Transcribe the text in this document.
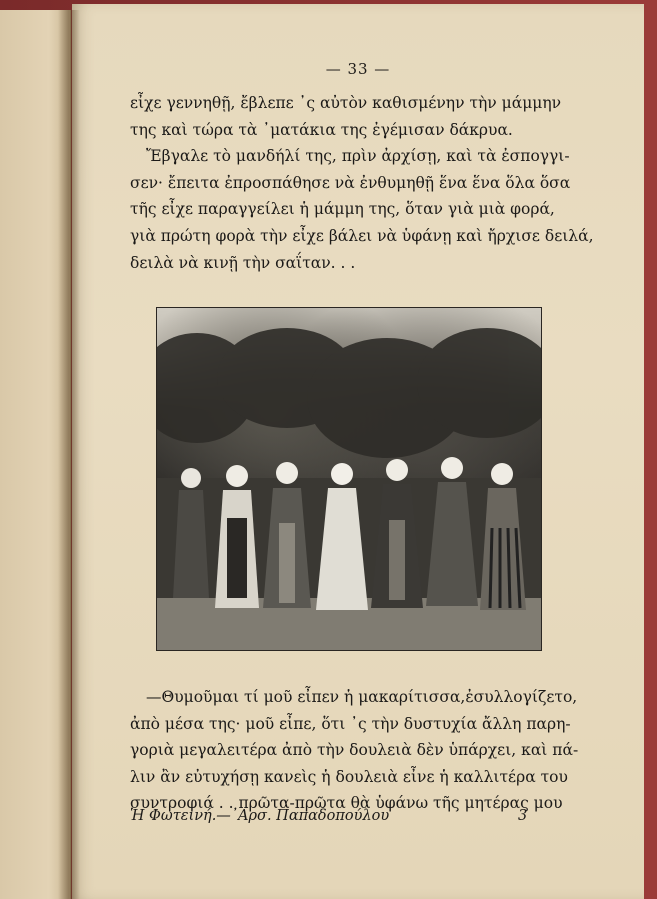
— 33 —
εἶχε γεννηθῇ, ἔβλεπε ᾽ς αὐτὸν καθισμένην τὴν μάμμην
της καὶ τώρα τὰ ᾽ματάκια της ἐγέμισαν δάκρυα.
Ἔβγαλε τὸ μανδήλί της, πρὶν ἀρχίσῃ, καὶ τὰ ἐσπογγι-
σεν· ἔπειτα ἐπροσπάθησε νὰ ἐνθυμηθῇ ἕνα ἕνα ὅλα ὅσα
τῆς εἶχε παραγγείλει ἡ μάμμη της, ὅταν γιὰ μιὰ φορά,
γιὰ πρώτη φορὰ τὴν εἶχε βάλει νὰ ὑφάνῃ καὶ ἤρχισε δειλά,
δειλὰ νὰ κινῇ τὴν σαΐταν. . .
—Θυμοῦμαι τί μοῦ εἶπεν ἡ μακαρίτισσα,ἐσυλλογίζετο,
ἀπὸ μέσα της· μοῦ εἶπε, ὅτι ᾽ς τὴν δυστυχία ἄλλη παρη-
γοριὰ μεγαλειτέρα ἀπὸ τὴν δουλειὰ δὲν ὑπάρχει, καὶ πά-
λιν ἂν εὐτυχήσῃ κανεὶς ἡ δουλειὰ εἶνε ἡ καλλιτέρα του
συντροφιά . . πρῶτα-πρῶτα θὰ ὑφάνω τῆς μητέρας μου
Ἡ Φωτεινή.—᾽Αρσ. Παπαδοπούλου	3
